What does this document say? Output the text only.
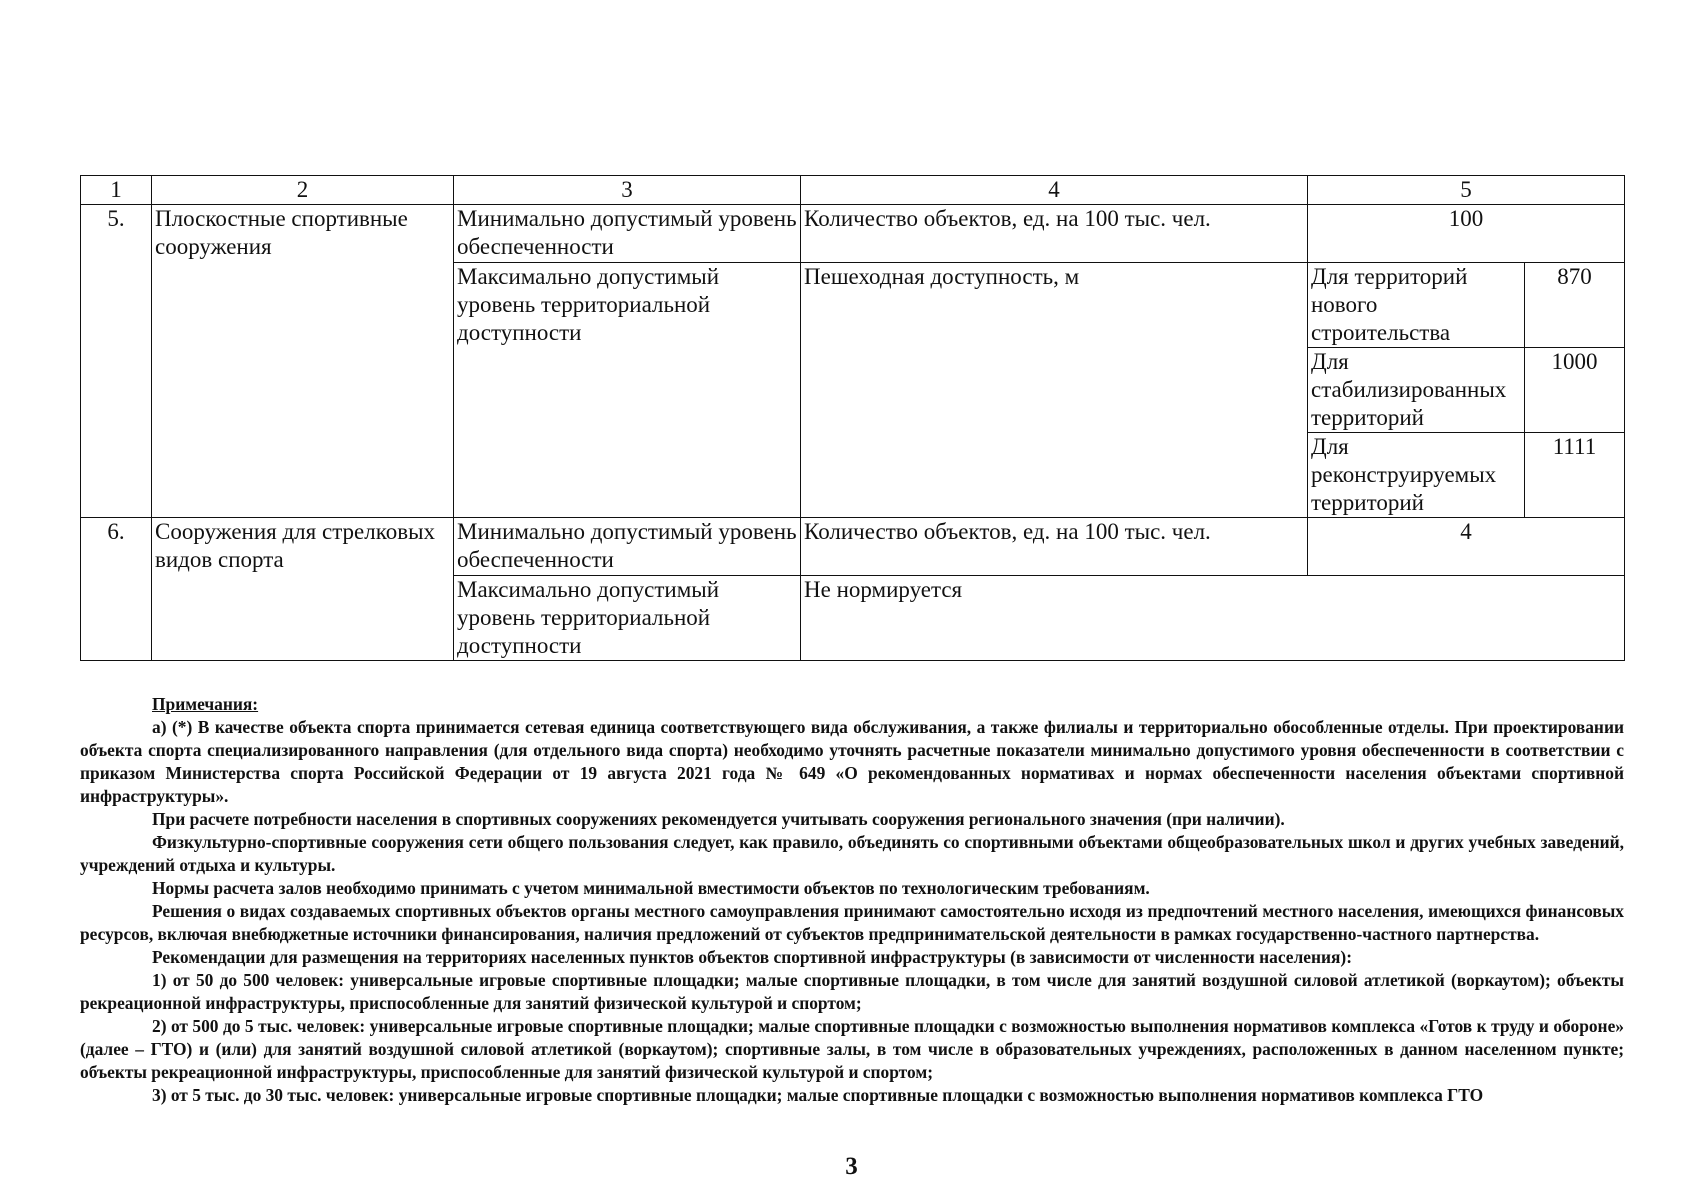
1	2	3	4	5	
5.	Плоскостные спортивные сооружения	Минимально допустимый уровень обеспеченности	Количество объектов, ед. на 100 тыс. чел.	100	
		Максимально допустимый уровень территориальной доступности	Пешеходная доступность, м	Для территорий нового строительства	870
				Для стабилизированных территорий	1000
				Для реконструируемых территорий	1111
6.	Сооружения для стрелковых видов спорта	Минимально допустимый уровень обеспеченности	Количество объектов, ед. на 100 тыс. чел.	4	
		Максимально допустимый уровень территориальной доступности	Не нормируется		

Примечания:

а) (*) В качестве объекта спорта принимается сетевая единица соответствующего вида обслуживания, а также филиалы и территориально обособленные отделы. При проектировании объекта спорта специализированного направления (для отдельного вида спорта) необходимо уточнять расчетные показатели минимально допустимого уровня обеспеченности в соответствии с приказом Министерства спорта Российской Федерации от 19 августа 2021 года № 649 «О рекомендованных нормативах и нормах обеспеченности населения объектами спортивной инфраструктуры».

При расчете потребности населения в спортивных сооружениях рекомендуется учитывать сооружения регионального значения (при наличии).

Физкультурно-спортивные сооружения сети общего пользования следует, как правило, объединять со спортивными объектами общеобразовательных школ и других учебных заведений, учреждений отдыха и культуры.

Нормы расчета залов необходимо принимать с учетом минимальной вместимости объектов по технологическим требованиям.

Решения о видах создаваемых спортивных объектов органы местного самоуправления принимают самостоятельно исходя из предпочтений местного населения, имеющихся финансовых ресурсов, включая внебюджетные источники финансирования, наличия предложений от субъектов предпринимательской деятельности в рамках государственно-частного партнерства.

Рекомендации для размещения на территориях населенных пунктов объектов спортивной инфраструктуры (в зависимости от численности населения):

1) от 50 до 500 человек: универсальные игровые спортивные площадки; малые спортивные площадки, в том числе для занятий воздушной силовой атлетикой (воркаутом); объекты рекреационной инфраструктуры, приспособленные для занятий физической культурой и спортом;

2) от 500 до 5 тыс. человек: универсальные игровые спортивные площадки; малые спортивные площадки с возможностью выполнения нормативов комплекса «Готов к труду и обороне» (далее – ГТО) и (или) для занятий воздушной силовой атлетикой (воркаутом); спортивные залы, в том числе в образовательных учреждениях, расположенных в данном населенном пункте; объекты рекреационной инфраструктуры, приспособленные для занятий физической культурой и спортом;

3) от 5 тыс. до 30 тыс. человек: универсальные игровые спортивные площадки; малые спортивные площадки с возможностью выполнения нормативов комплекса ГТО

3
